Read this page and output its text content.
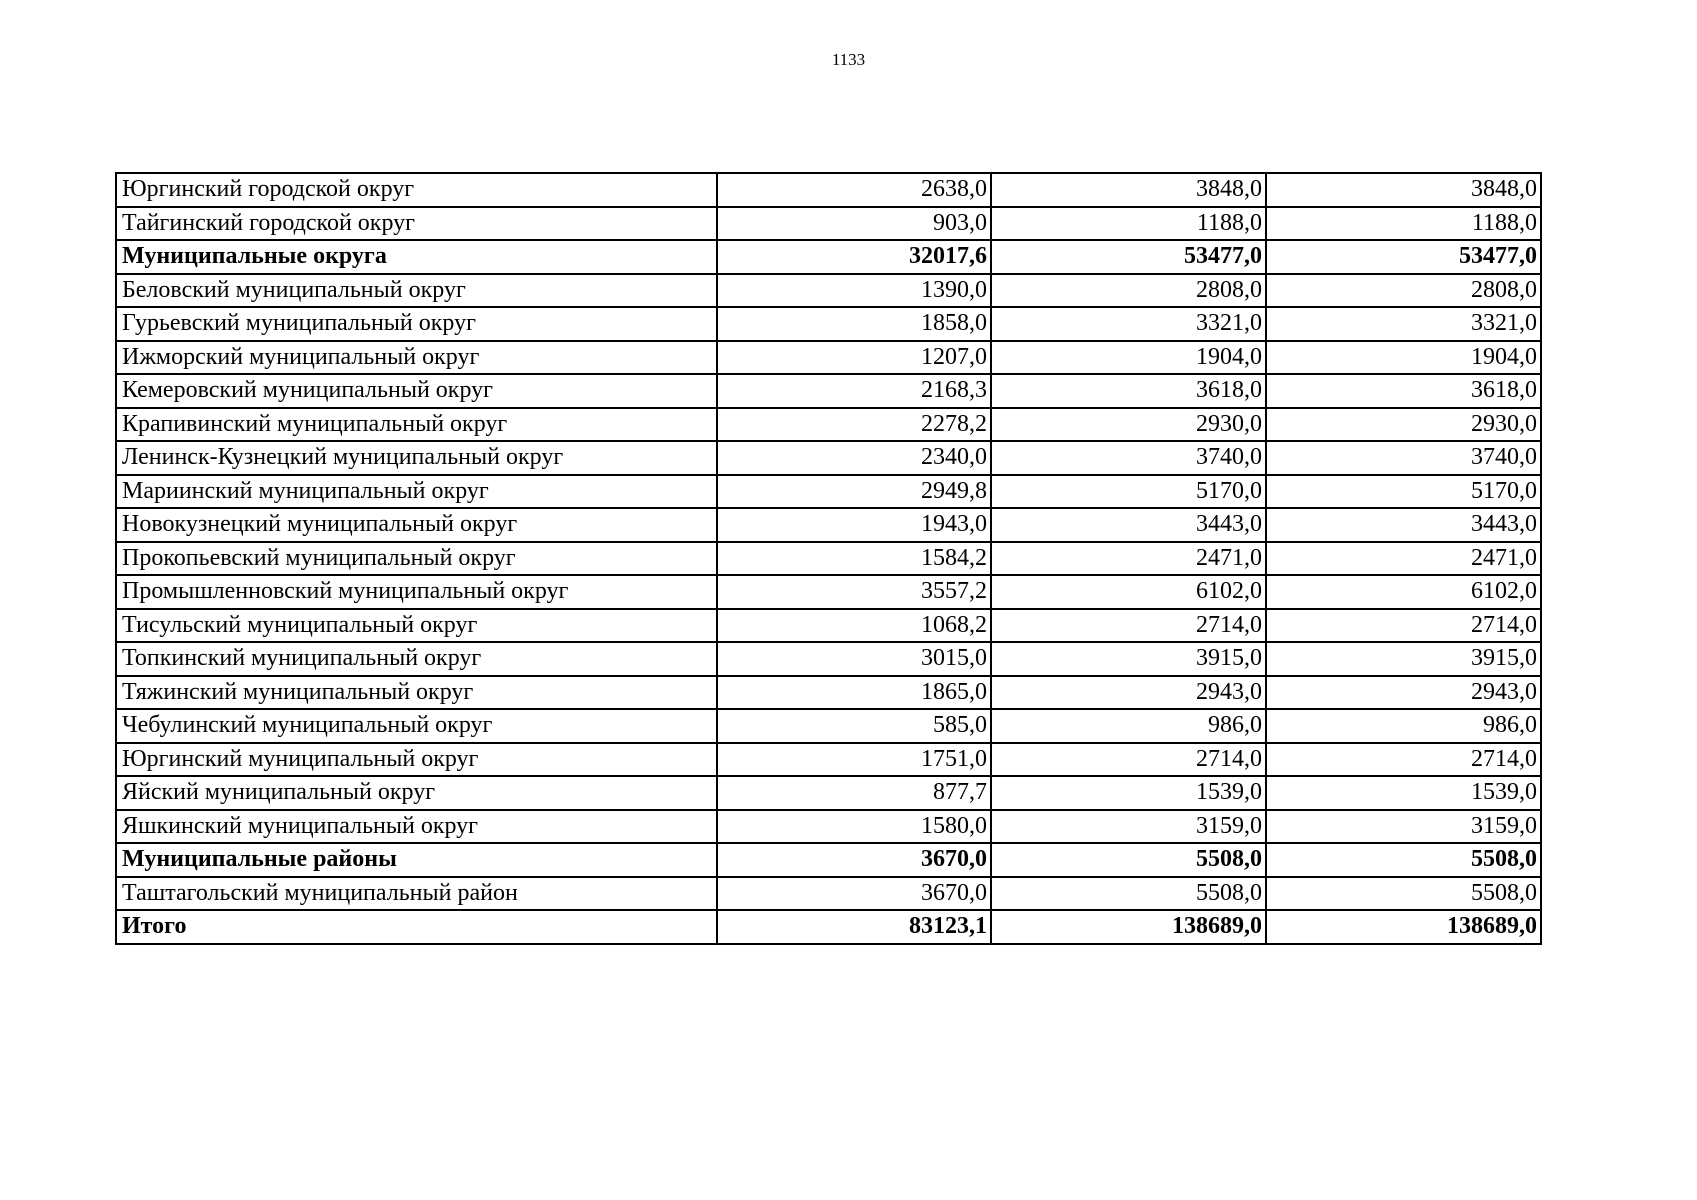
1133
Юргинский городской округ	2638,0	3848,0	3848,0
Тайгинский городской округ	903,0	1188,0	1188,0
Муниципальные округа	32017,6	53477,0	53477,0
Беловский муниципальный округ	1390,0	2808,0	2808,0
Гурьевский муниципальный округ	1858,0	3321,0	3321,0
Ижморский муниципальный округ	1207,0	1904,0	1904,0
Кемеровский муниципальный округ	2168,3	3618,0	3618,0
Крапивинский муниципальный округ	2278,2	2930,0	2930,0
Ленинск-Кузнецкий муниципальный округ	2340,0	3740,0	3740,0
Мариинский муниципальный округ	2949,8	5170,0	5170,0
Новокузнецкий муниципальный округ	1943,0	3443,0	3443,0
Прокопьевский муниципальный округ	1584,2	2471,0	2471,0
Промышленновский муниципальный округ	3557,2	6102,0	6102,0
Тисульский муниципальный округ	1068,2	2714,0	2714,0
Топкинский муниципальный округ	3015,0	3915,0	3915,0
Тяжинский муниципальный округ	1865,0	2943,0	2943,0
Чебулинский муниципальный округ	585,0	986,0	986,0
Юргинский муниципальный округ	1751,0	2714,0	2714,0
Яйский муниципальный округ	877,7	1539,0	1539,0
Яшкинский муниципальный округ	1580,0	3159,0	3159,0
Муниципальные районы	3670,0	5508,0	5508,0
Таштагольский муниципальный район	3670,0	5508,0	5508,0
Итого	83123,1	138689,0	138689,0
